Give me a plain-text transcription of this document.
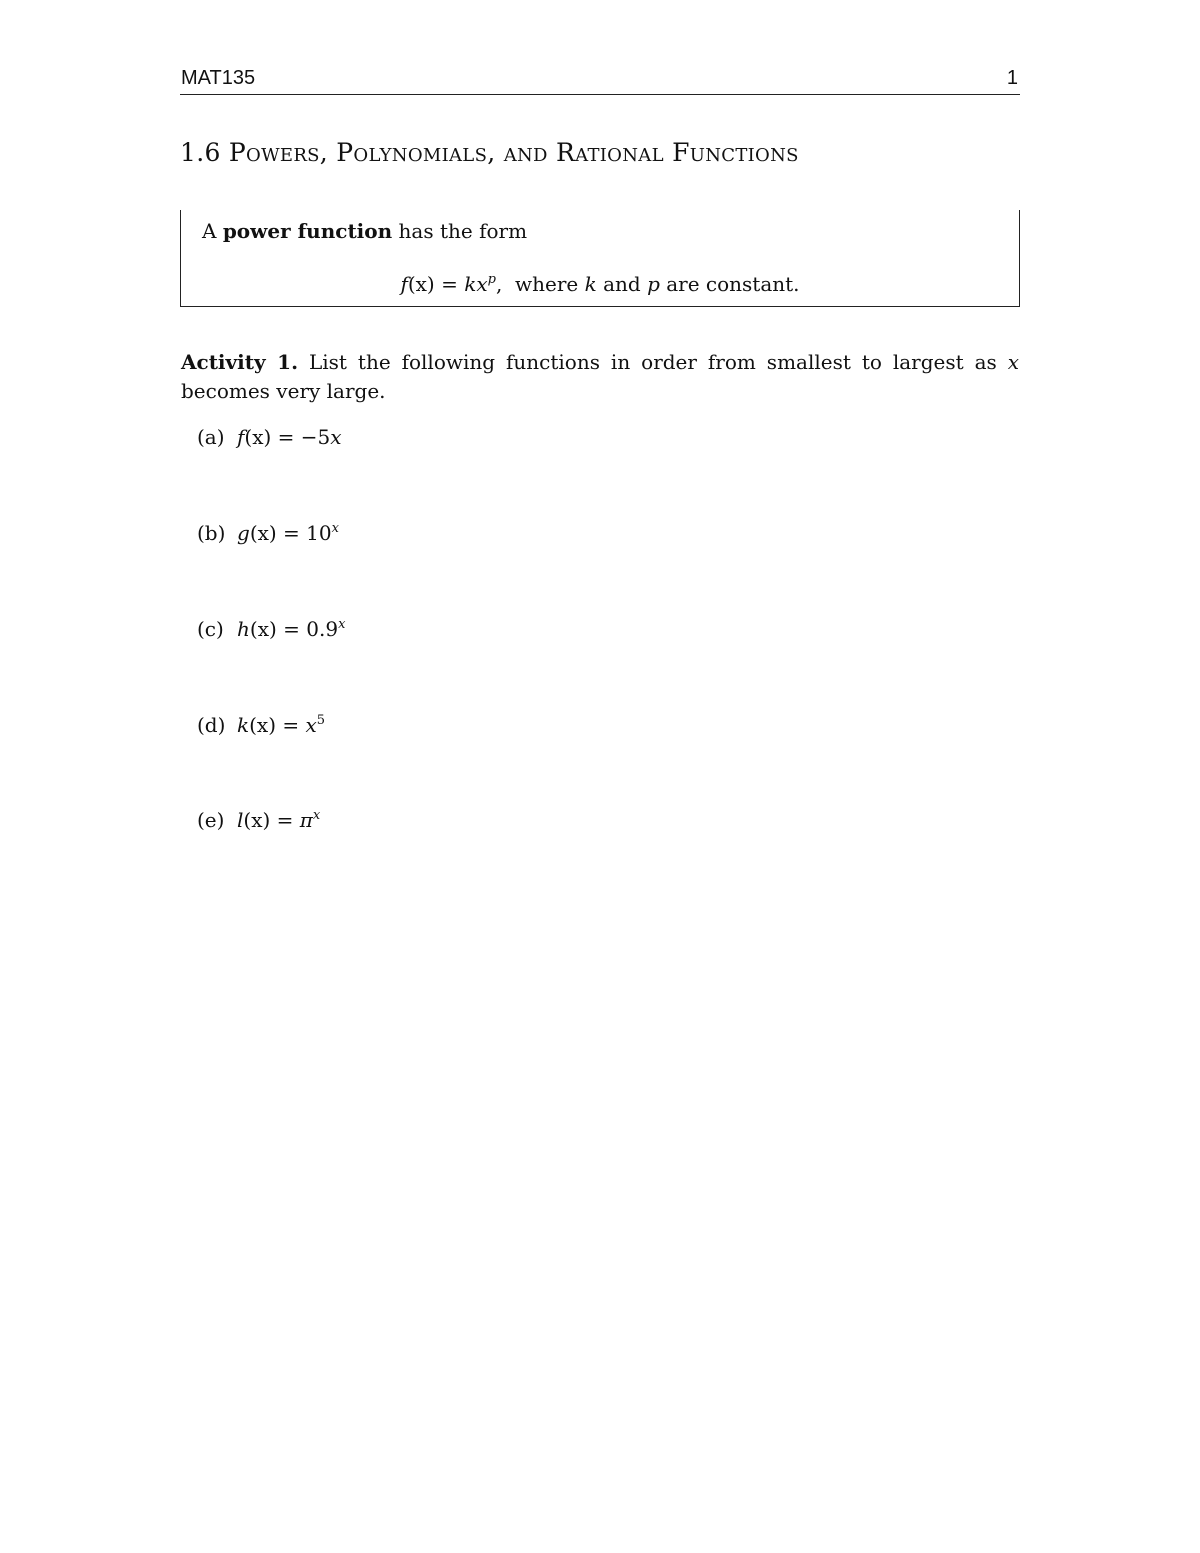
MAT135	1
1.6 Powers, Polynomials, and Rational Functions
A power function has the form
$f(x) = kx^p$, where k and p are constant.
Activity 1. List the following functions in order from smallest to largest as x becomes very large.
(a) f(x) = −5x
(b) $g(x) = 10^x$
(c) $h(x) = 0.9^x$
(d) $k(x) = x^5$
(e) $l(x) = \pi^x$
